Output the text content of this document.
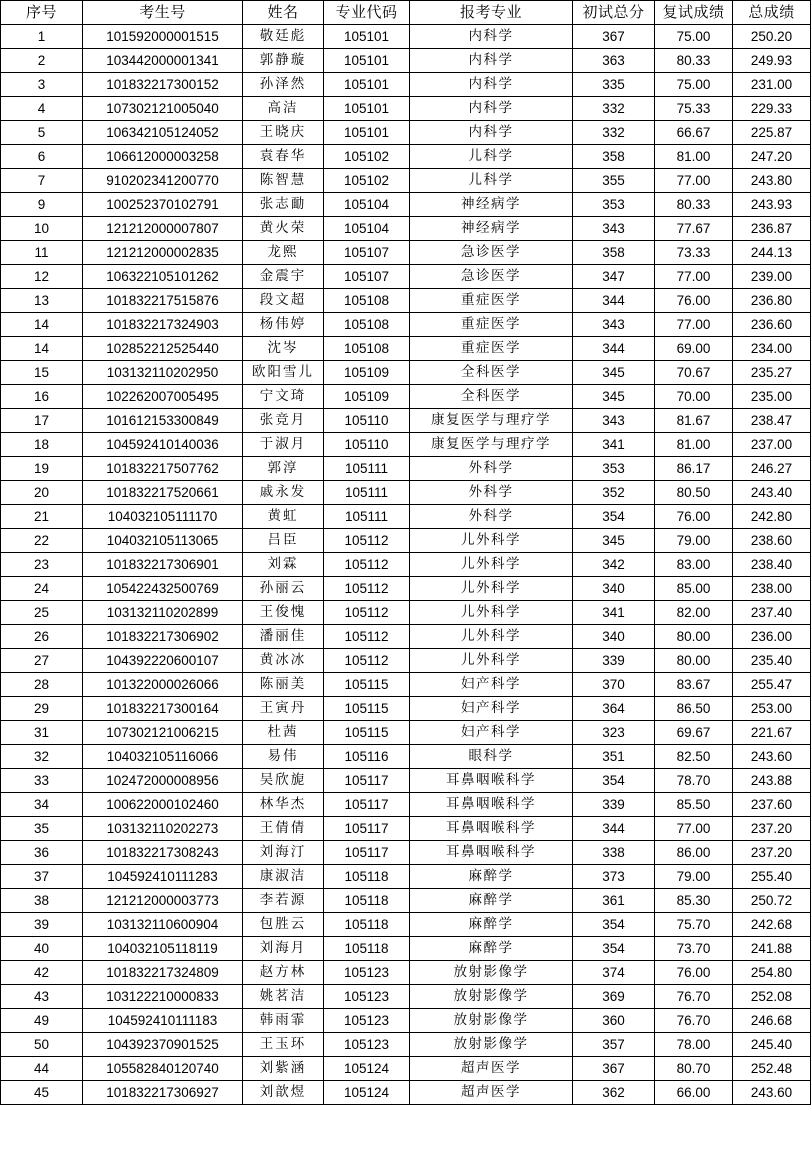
序号	考生号	姓名	专业代码	报考专业	初试总分	复试成绩	总成绩
1	101592000001515	敬廷彪	105101	内科学	367	75.00	250.20
2	103442000001341	郭静璇	105101	内科学	363	80.33	249.93
3	101832217300152	孙泽然	105101	内科学	335	75.00	231.00
4	107302121005040	高洁	105101	内科学	332	75.33	229.33
5	106342105124052	王晓庆	105101	内科学	332	66.67	225.87
6	106612000003258	袁春华	105102	儿科学	358	81.00	247.20
7	910202341200770	陈智慧	105102	儿科学	355	77.00	243.80
9	100252370102791	张志勔	105104	神经病学	353	80.33	243.93
10	121212000007807	黄火荣	105104	神经病学	343	77.67	236.87
11	121212000002835	龙熙	105107	急诊医学	358	73.33	244.13
12	106322105101262	金震宇	105107	急诊医学	347	77.00	239.00
13	101832217515876	段文超	105108	重症医学	344	76.00	236.80
14	101832217324903	杨伟婷	105108	重症医学	343	77.00	236.60
14	102852212525440	沈岑	105108	重症医学	344	69.00	234.00
15	103132110202950	欧阳雪儿	105109	全科医学	345	70.67	235.27
16	102262007005495	宁文琦	105109	全科医学	345	70.00	235.00
17	101612153300849	张竞月	105110	康复医学与理疗学	343	81.67	238.47
18	104592410140036	于淑月	105110	康复医学与理疗学	341	81.00	237.00
19	101832217507762	郭淳	105111	外科学	353	86.17	246.27
20	101832217520661	戚永发	105111	外科学	352	80.50	243.40
21	104032105111170	黄虹	105111	外科学	354	76.00	242.80
22	104032105113065	吕臣	105112	儿外科学	345	79.00	238.60
23	101832217306901	刘霖	105112	儿外科学	342	83.00	238.40
24	105422432500769	孙丽云	105112	儿外科学	340	85.00	238.00
25	103132110202899	王俊愧	105112	儿外科学	341	82.00	237.40
26	101832217306902	潘丽佳	105112	儿外科学	340	80.00	236.00
27	104392220600107	黄冰冰	105112	儿外科学	339	80.00	235.40
28	101322000026066	陈丽美	105115	妇产科学	370	83.67	255.47
29	101832217300164	王寅丹	105115	妇产科学	364	86.50	253.00
31	107302121006215	杜茜	105115	妇产科学	323	69.67	221.67
32	104032105116066	易伟	105116	眼科学	351	82.50	243.60
33	102472000008956	吴欣旎	105117	耳鼻咽喉科学	354	78.70	243.88
34	100622000102460	林华杰	105117	耳鼻咽喉科学	339	85.50	237.60
35	103132110202273	王倩倩	105117	耳鼻咽喉科学	344	77.00	237.20
36	101832217308243	刘海汀	105117	耳鼻咽喉科学	338	86.00	237.20
37	104592410111283	康淑洁	105118	麻醉学	373	79.00	255.40
38	121212000003773	李若源	105118	麻醉学	361	85.30	250.72
39	103132110600904	包胜云	105118	麻醉学	354	75.70	242.68
40	104032105118119	刘海月	105118	麻醉学	354	73.70	241.88
42	101832217324809	赵方林	105123	放射影像学	374	76.00	254.80
43	103122210000833	姚茗洁	105123	放射影像学	369	76.70	252.08
49	104592410111183	韩雨霏	105123	放射影像学	360	76.70	246.68
50	104392370901525	王玉环	105123	放射影像学	357	78.00	245.40
44	105582840120740	刘紫涵	105124	超声医学	367	80.70	252.48
45	101832217306927	刘歆煜	105124	超声医学	362	66.00	243.60
